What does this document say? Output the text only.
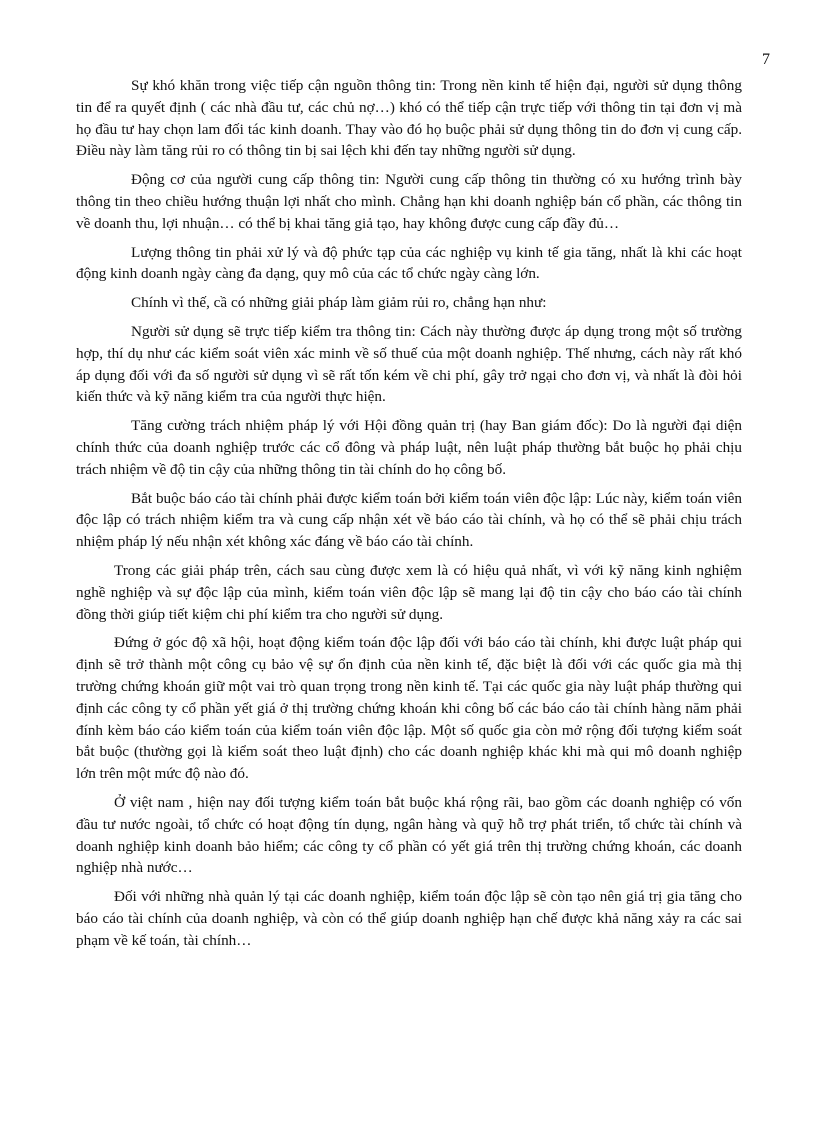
7

Sự khó khăn trong việc tiếp cận nguồn thông tin: Trong nền kinh tế hiện đại, người sử dụng thông tin để ra quyết định ( các nhà đầu tư, các chủ nợ…) khó có thể tiếp cận trực tiếp với thông tin tại đơn vị mà họ đầu tư hay chọn lam đối tác kinh doanh. Thay vào đó họ buộc phải sử dụng thông tin do đơn vị cung cấp. Điều này làm tăng rủi ro có thông tin bị sai lệch khi đến tay những người sử dụng.

Động cơ của người cung cấp thông tin: Người cung cấp thông tin thường có xu hướng trình bày thông tin theo chiều hướng thuận lợi nhất cho mình. Chẳng hạn khi doanh nghiệp bán cổ phần, các thông tin về doanh thu, lợi nhuận… có thể bị khai tăng giả tạo, hay không được cung cấp đầy đủ…

Lượng thông tin phải xử lý và độ phức tạp của các nghiệp vụ kinh tế gia tăng, nhất là khi các hoạt động kinh doanh ngày càng đa dạng, quy mô của các tổ chức ngày càng lớn.

Chính vì thế, cầ có những giải pháp làm giảm rủi ro, chẳng hạn như:

Người sử dụng sẽ trực tiếp kiểm tra thông tin: Cách này thường được áp dụng trong một số trường hợp, thí dụ như các kiểm soát viên xác minh về số thuế của một doanh nghiệp. Thế nhưng, cách này rất khó áp dụng đối với đa số người sử dụng vì sẽ rất tốn kém về chi phí, gây trở ngại cho đơn vị, và nhất là đòi hỏi kiến thức và kỹ năng kiểm tra của người thực hiện.

Tăng cường trách nhiệm pháp lý với Hội đồng quản trị (hay Ban giám đốc): Do là người đại diện chính thức của doanh nghiệp trước các cổ đông và pháp luật, nên luật pháp thường bắt buộc họ phải chịu trách nhiệm về độ tin cậy của những thông tin tài chính do họ công bố.

Bắt buộc báo cáo tài chính phải được kiểm toán bởi kiểm toán viên độc lập: Lúc này, kiểm toán viên độc lập có trách nhiệm kiểm tra và cung cấp nhận xét về báo cáo tài chính, và họ có thể sẽ phải chịu trách nhiệm pháp lý nếu nhận xét không xác đáng về báo cáo tài chính.

Trong các giải pháp trên, cách sau cùng được xem là có hiệu quả nhất, vì với kỹ năng kinh nghiệm nghề nghiệp và sự độc lập của mình, kiểm toán viên độc lập sẽ mang lại độ tin cậy cho báo cáo tài chính đồng thời giúp tiết kiệm chi phí kiểm tra cho người sử dụng.

Đứng ở góc độ xã hội, hoạt động kiểm toán độc lập đối với báo cáo tài chính, khi được luật pháp qui định sẽ trở thành một công cụ bảo vệ sự ổn định của nền kinh tế, đặc biệt là đối với các quốc gia mà thị trường chứng khoán giữ một vai trò quan trọng trong nền kinh tế. Tại các quốc gia này luật pháp thường qui định các công ty cổ phần yết giá ở thị trường chứng khoán khi công bố các báo cáo tài chính hàng năm phải đính kèm báo cáo kiểm toán của kiểm toán viên độc lập. Một số quốc gia còn mở rộng đối tượng kiểm soát bắt buộc (thường gọi là kiểm soát theo luật định) cho các doanh nghiệp khác khi mà qui mô doanh nghiệp lớn trên một mức độ nào đó.

Ở việt nam , hiện nay đối tượng kiểm toán bắt buộc khá rộng rãi, bao gồm các doanh nghiệp có vốn đầu tư nước ngoài, tổ chức có hoạt động tín dụng, ngân hàng và quỹ hỗ trợ phát triển, tổ chức tài chính và doanh nghiệp kinh doanh bảo hiểm; các công ty cổ phần có yết giá trên thị trường chứng khoán, các doanh nghiệp nhà nước…

Đối với những nhà quản lý tại các doanh nghiệp, kiểm toán độc lập sẽ còn tạo nên giá trị gia tăng cho báo cáo tài chính của doanh nghiệp, và còn có thể giúp doanh nghiệp hạn chế được khả năng xảy ra các sai phạm về kế toán, tài chính…
